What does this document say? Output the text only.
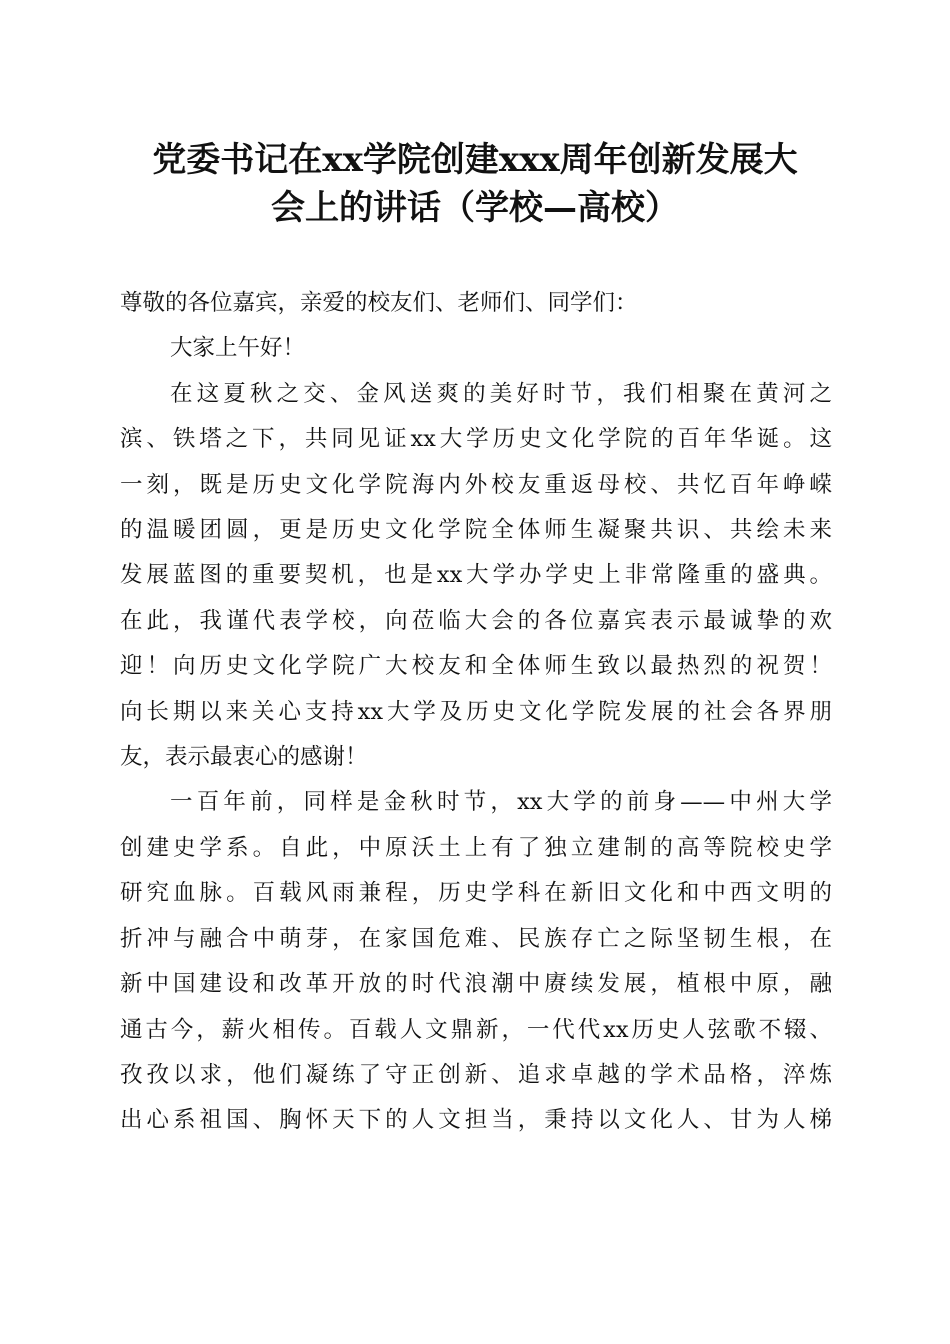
党委书记在xx学院创建xxx周年创新发展大
会上的讲话（学校—高校）
尊敬的各位嘉宾，亲爱的校友们、老师们、同学们：
大家上午好！
在这夏秋之交、金风送爽的美好时节，我们相聚在黄河之
滨、铁塔之下，共同见证xx大学历史文化学院的百年华诞。这
一刻，既是历史文化学院海内外校友重返母校、共忆百年峥嵘
的温暖团圆，更是历史文化学院全体师生凝聚共识、共绘未来
发展蓝图的重要契机，也是xx大学办学史上非常隆重的盛典。
在此，我谨代表学校，向莅临大会的各位嘉宾表示最诚挚的欢
迎！向历史文化学院广大校友和全体师生致以最热烈的祝贺！
向长期以来关心支持xx大学及历史文化学院发展的社会各界朋
友，表示最衷心的感谢！
一百年前，同样是金秋时节，xx大学的前身——中州大学
创建史学系。自此，中原沃土上有了独立建制的高等院校史学
研究血脉。百载风雨兼程，历史学科在新旧文化和中西文明的
折冲与融合中萌芽，在家国危难、民族存亡之际坚韧生根，在
新中国建设和改革开放的时代浪潮中赓续发展，植根中原，融
通古今，薪火相传。百载人文鼎新，一代代xx历史人弦歌不辍、
孜孜以求，他们凝练了守正创新、追求卓越的学术品格，淬炼
出心系祖国、胸怀天下的人文担当，秉持以文化人、甘为人梯
